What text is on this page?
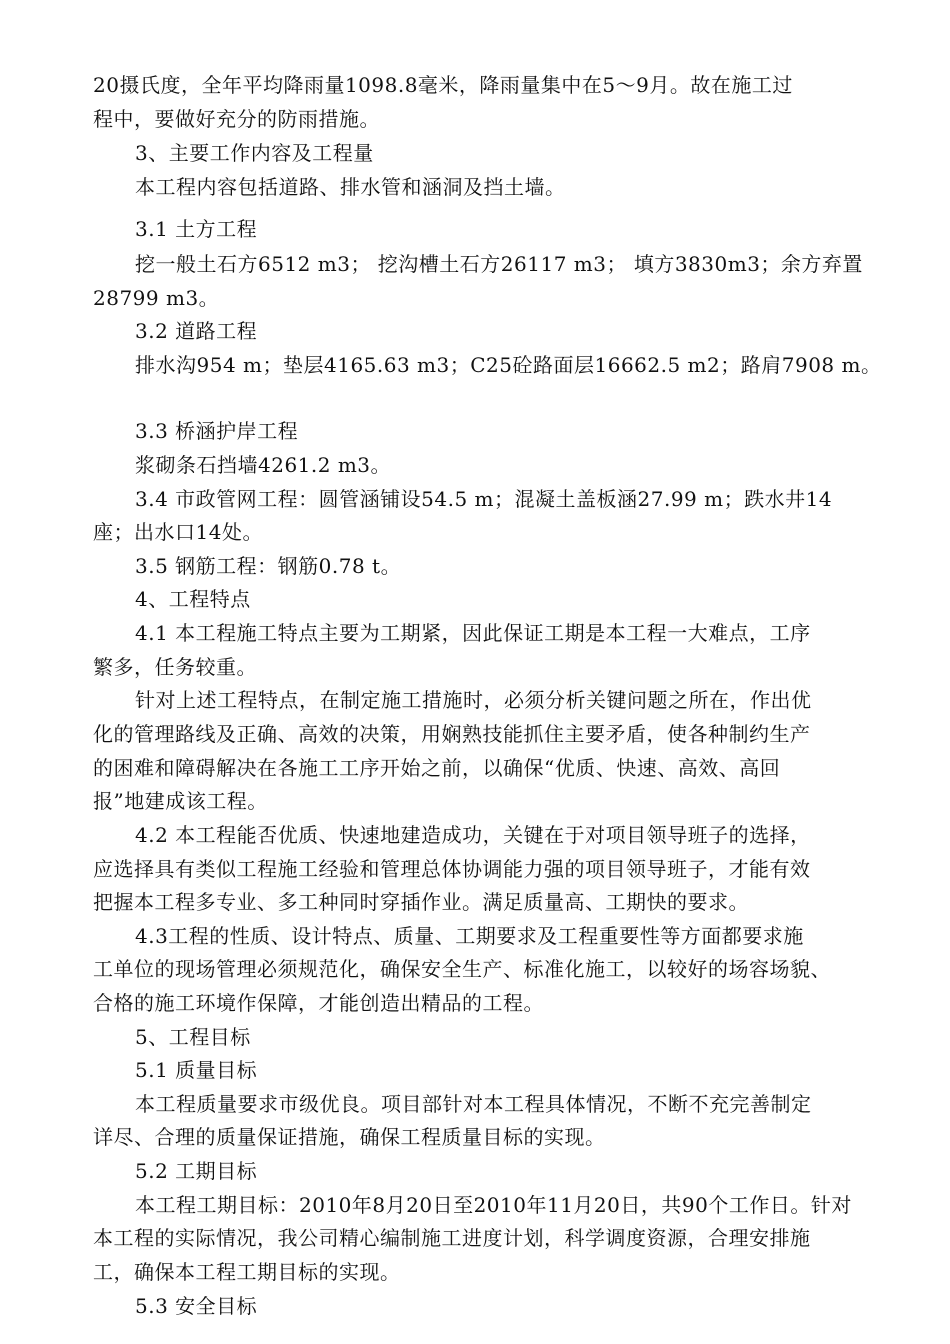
20摄氏度，全年平均降雨量1098.8毫米，降雨量集中在5～9月。故在施工过
程中，要做好充分的防雨措施。
3、主要工作内容及工程量
本工程内容包括道路、排水管和涵洞及挡土墙。
3.1 土方工程
挖一般土石方6512 m3； 挖沟槽土石方26117 m3； 填方3830m3；余方弃置
28799 m3。
3.2 道路工程
排水沟954 m；垫层4165.63 m3；C25砼路面层16662.5 m2；路肩7908 m。
3.3 桥涵护岸工程
浆砌条石挡墙4261.2 m3。
3.4 市政管网工程：圆管涵铺设54.5 m；混凝土盖板涵27.99 m；跌水井14
座；出水口14处。
3.5 钢筋工程：钢筋0.78 t。
4、工程特点
4.1 本工程施工特点主要为工期紧，因此保证工期是本工程一大难点，工序
繁多，任务较重。
针对上述工程特点，在制定施工措施时，必须分析关键问题之所在，作出优
化的管理路线及正确、高效的决策，用娴熟技能抓住主要矛盾，使各种制约生产
的困难和障碍解决在各施工工序开始之前，以确保“优质、快速、高效、高回
报”地建成该工程。
4.2 本工程能否优质、快速地建造成功，关键在于对项目领导班子的选择，
应选择具有类似工程施工经验和管理总体协调能力强的项目领导班子，才能有效
把握本工程多专业、多工种同时穿插作业。满足质量高、工期快的要求。
4.3工程的性质、设计特点、质量、工期要求及工程重要性等方面都要求施
工单位的现场管理必须规范化，确保安全生产、标准化施工，以较好的场容场貌、
合格的施工环境作保障，才能创造出精品的工程。
5、工程目标
5.1 质量目标
本工程质量要求市级优良。项目部针对本工程具体情况，不断不充完善制定
详尽、合理的质量保证措施，确保工程质量目标的实现。
5.2 工期目标
本工程工期目标：2010年8月20日至2010年11月20日，共90个工作日。针对
本工程的实际情况，我公司精心编制施工进度计划，科学调度资源，合理安排施
工，确保本工程工期目标的实现。
5.3 安全目标
